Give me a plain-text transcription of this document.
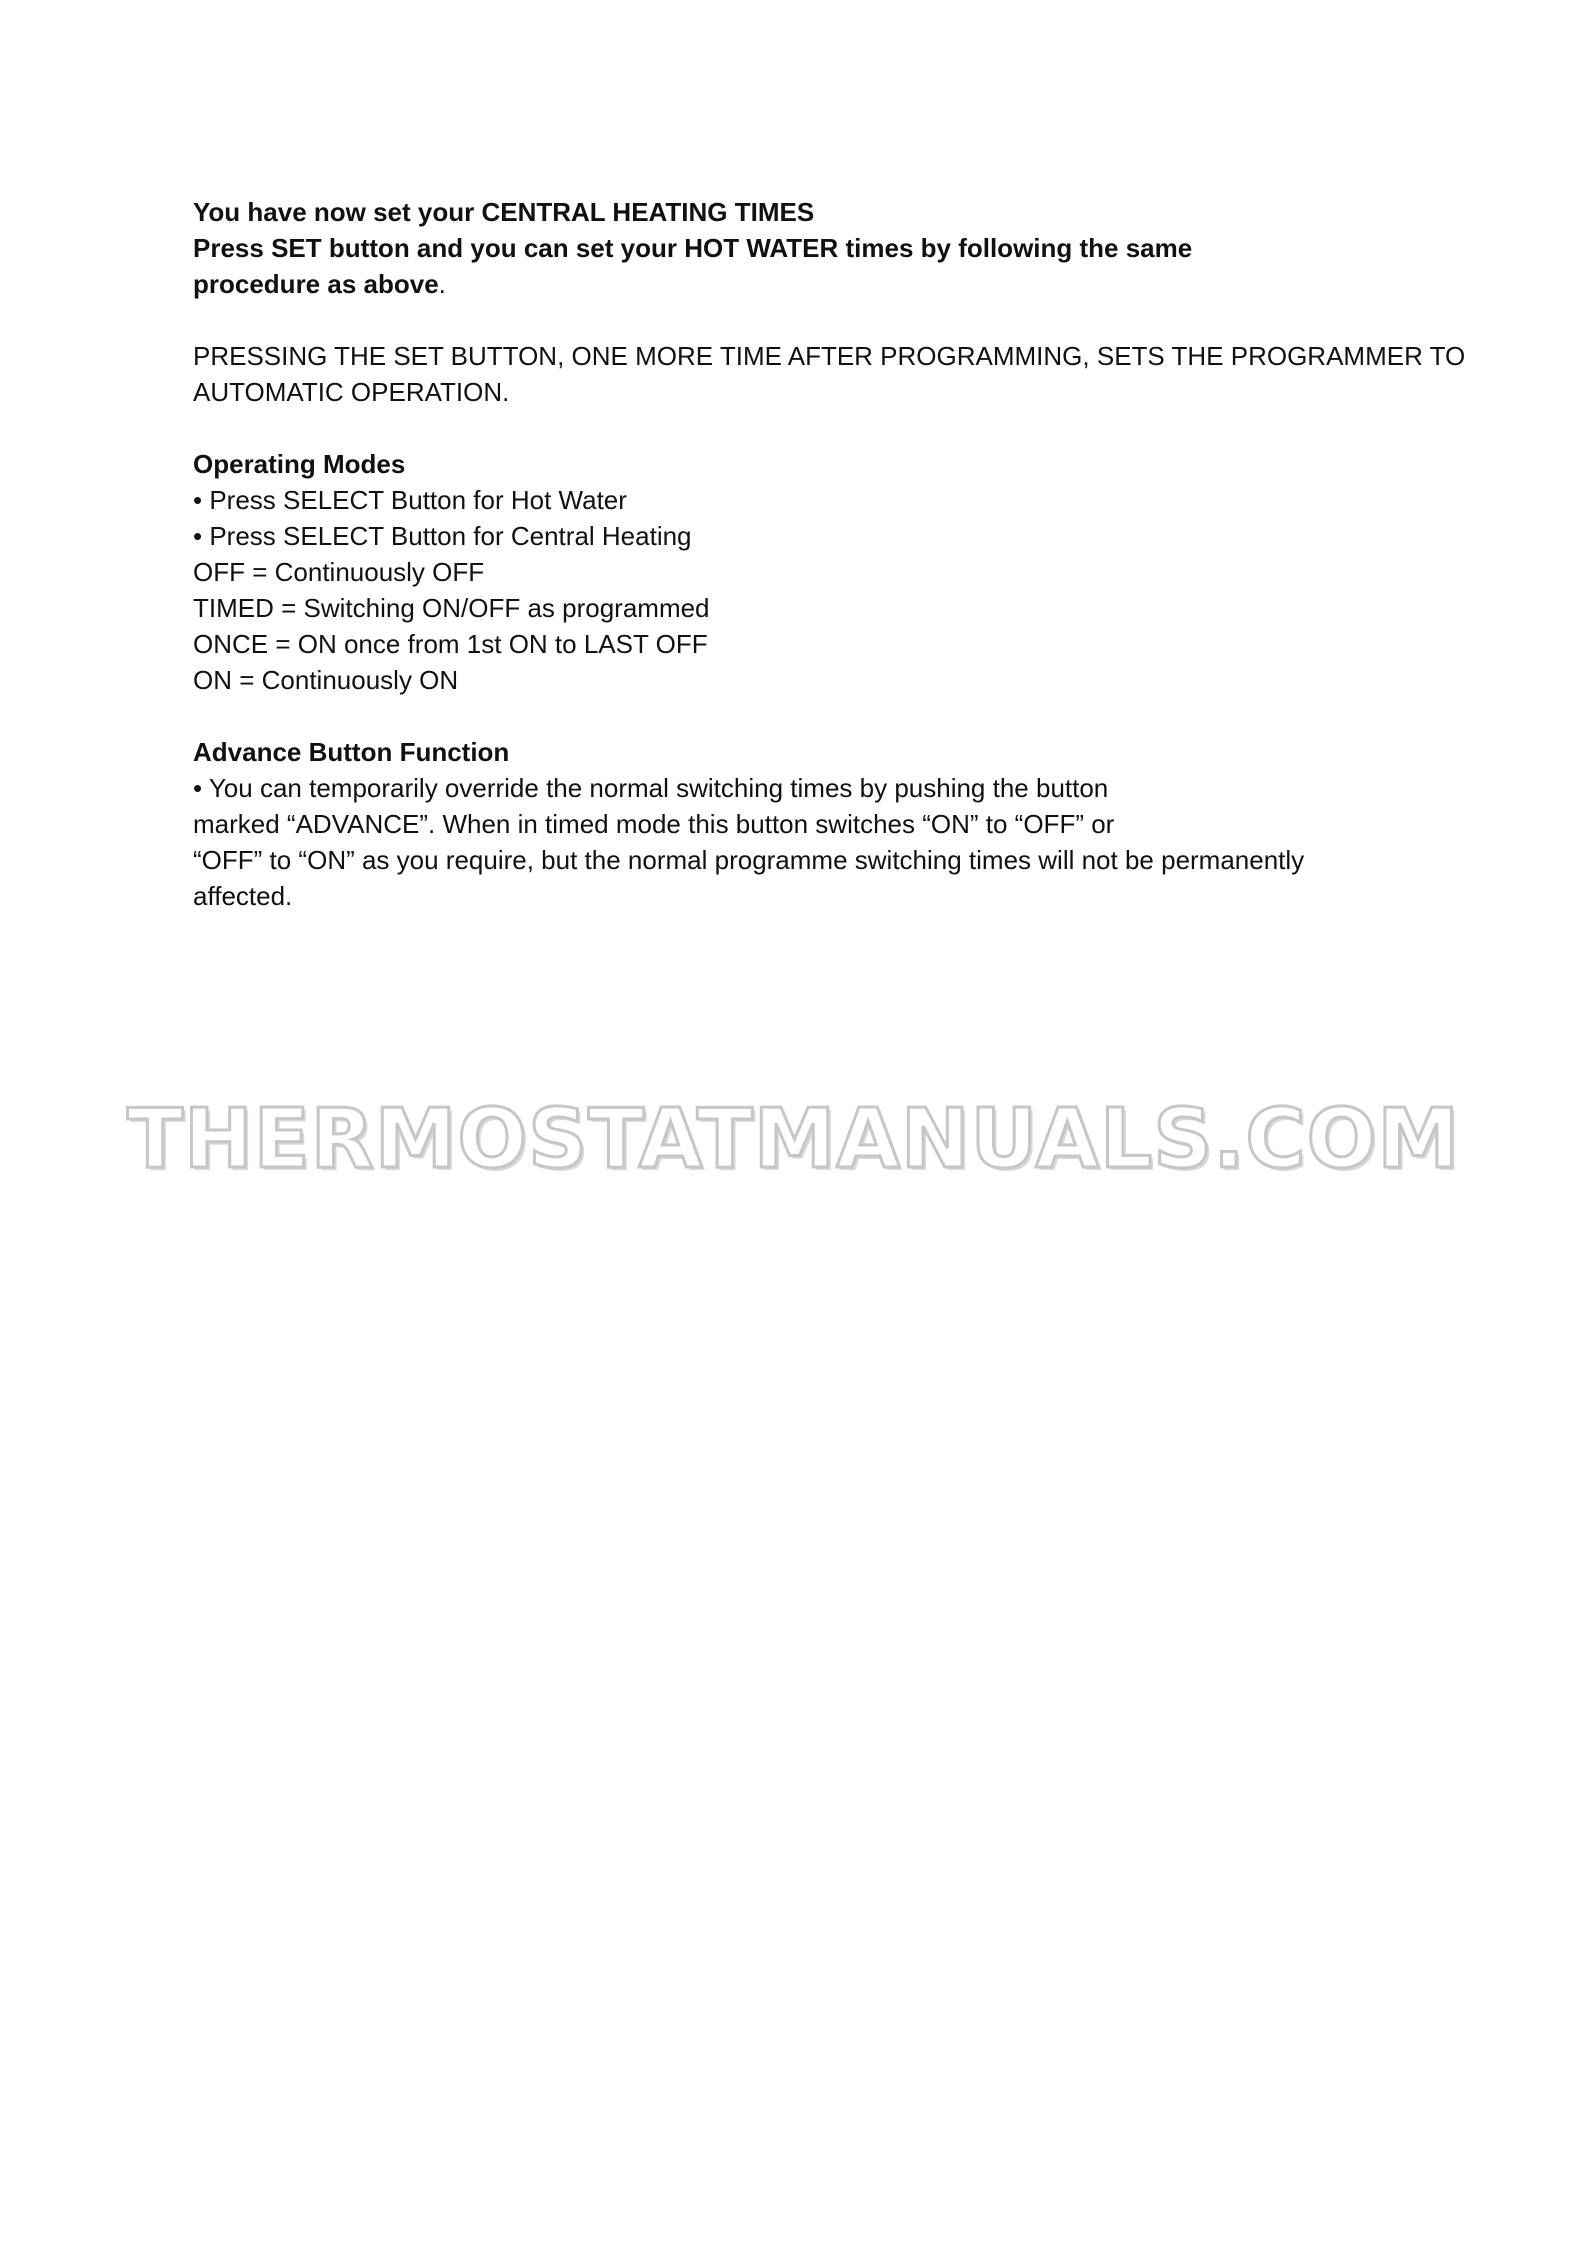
You have now set your CENTRAL HEATING TIMES

Press SET button and you can set your HOT WATER times by following the same

procedure as above.

PRESSING THE SET BUTTON, ONE MORE TIME AFTER PROGRAMMING, SETS THE PROGRAMMER TO

AUTOMATIC OPERATION.

Operating Modes

• Press SELECT Button for Hot Water

• Press SELECT Button for Central Heating

OFF = Continuously OFF

TIMED = Switching ON/OFF as programmed

ONCE = ON once from 1st ON to LAST OFF

ON = Continuously ON

Advance Button Function

• You can temporarily override the normal switching times by pushing the button

marked “ADVANCE”. When in timed mode this button switches “ON” to “OFF” or

“OFF” to “ON” as you require, but the normal programme switching times will not be permanently

affected.

THERMOSTATMANUALS.COM
